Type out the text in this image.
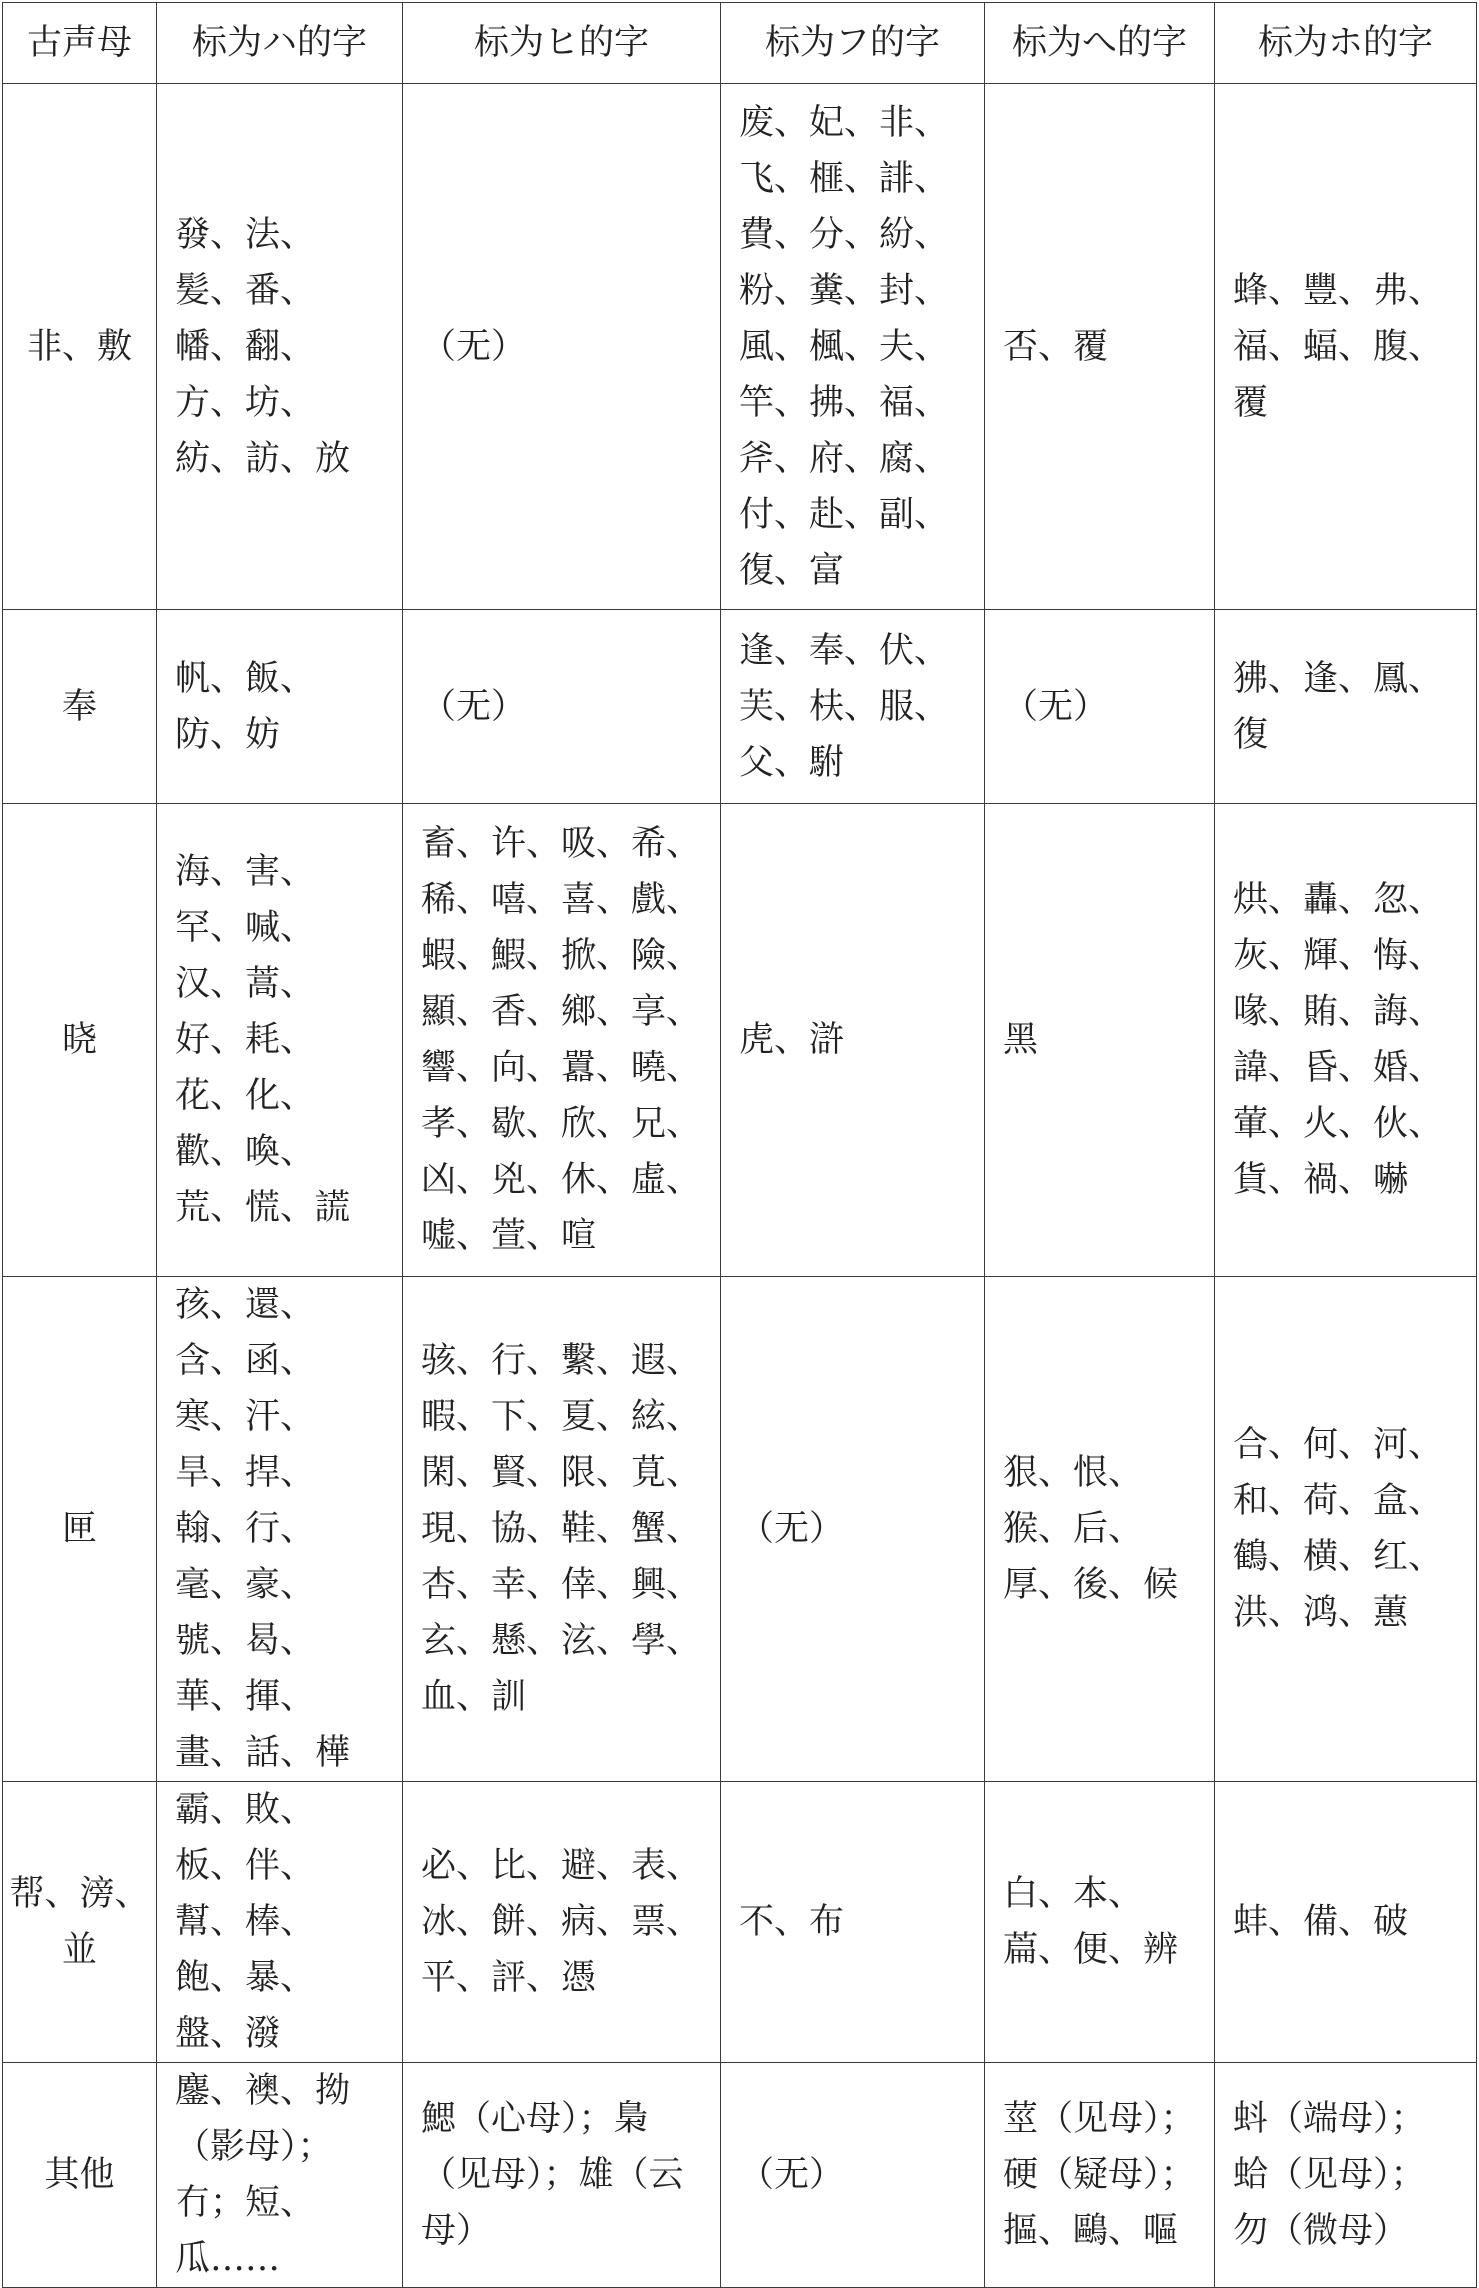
古声母	标为ハ的字	标为ヒ的字	标为フ的字	标为へ的字	标为ホ的字
非、敷	發、法、髪、番、幡、翻、方、坊、紡、訪、放	（无）	废、妃、非、飞、榧、誹、費、分、紛、粉、糞、封、風、楓、夫、竿、拂、福、斧、府、腐、付、赴、副、復、富	否、覆	蜂、豐、弗、福、蝠、腹、覆
奉	帆、飯、防、妨	（无）	逢、奉、伏、芙、枎、服、父、駙	（无）	狒、逢、鳳、復
晓	海、害、罕、喊、汉、蒿、好、耗、花、化、歡、喚、荒、慌、謊	畜、许、吸、希、稀、嘻、喜、戲、蝦、鰕、掀、險、顯、香、鄉、享、響、向、囂、曉、孝、歇、欣、兄、凶、兇、休、虛、嘘、萱、喧	虎、滸	黑	烘、轟、忽、灰、輝、悔、喙、賄、誨、諱、昏、婚、葷、火、伙、貨、禍、嚇
匣	孩、還、含、函、寒、汗、旱、捍、翰、行、毫、豪、號、曷、華、揮、畫、話、樺	骇、行、繫、遐、暇、下、夏、絃、閑、賢、限、莧、現、協、鞋、蟹、杏、幸、倖、興、玄、懸、泫、學、血、訓	（无）	狠、恨、猴、后、厚、後、候	合、何、河、和、荷、盒、鶴、横、红、洪、鸿、蕙
帮、滂、並	霸、敗、板、伴、幫、棒、飽、暴、盤、潑	必、比、避、表、冰、餅、病、票、平、評、憑	不、布	白、本、萹、便、辨	蚌、備、破
其他	鏖、襖、拗（影母）；冇；短、瓜……	鰓（心母）；梟（见母）；雄（云母）	（无）	莖（见母）；硬（疑母）；摳、鷗、嘔	蚪（端母）；蛤（见母）；勿（微母）
